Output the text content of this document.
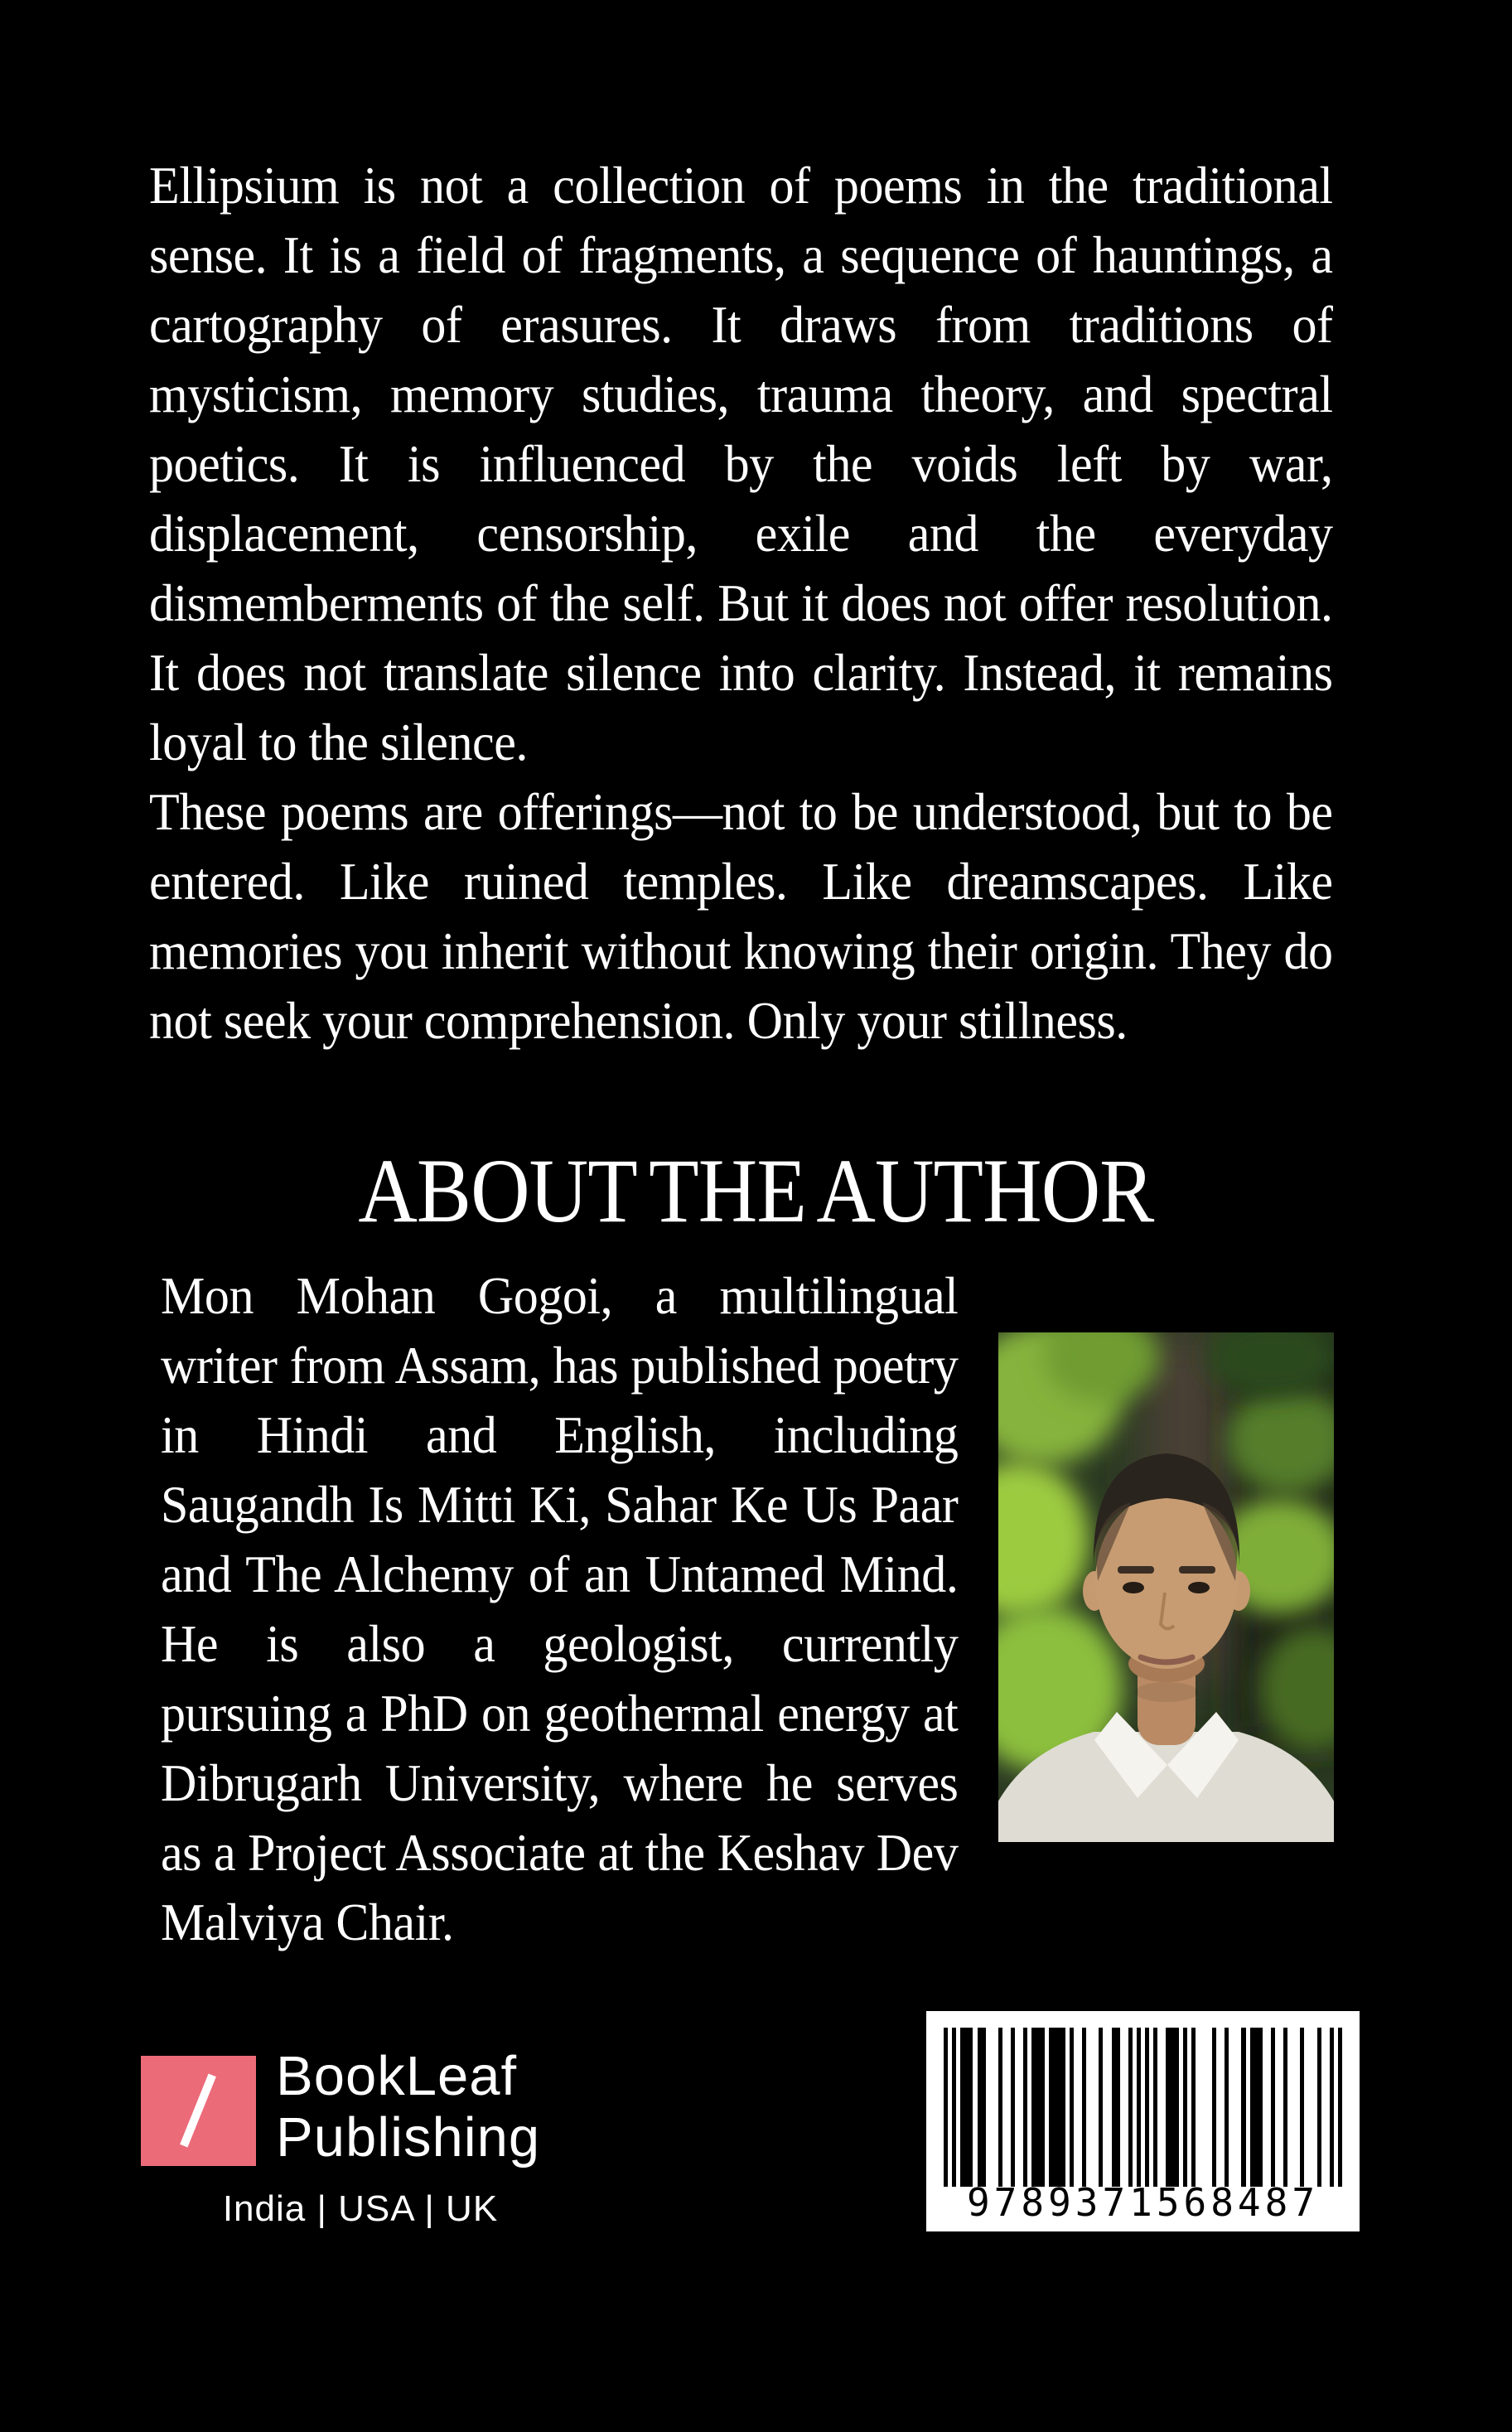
Ellipsium is not a collection of poems in the traditional sense. It is a field of fragments, a sequence of hauntings, a cartography of erasures. It draws from traditions of mysticism, memory studies, trauma theory, and spectral poetics. It is influenced by the voids left by war, displacement, censorship, exile and the everyday dismemberments of the self. But it does not offer resolution. It does not translate silence into clarity. Instead, it remains loyal to the silence.

These poems are offerings—not to be understood, but to be entered. Like ruined temples. Like dreamscapes. Like memories you inherit without knowing their origin. They do not seek your comprehension. Only your stillness.

ABOUT THE AUTHOR

Mon Mohan Gogoi, a multilingual writer from Assam, has published poetry in Hindi and English, including Saugandh Is Mitti Ki, Sahar Ke Us Paar and The Alchemy of an Untamed Mind. He is also a geologist, currently pursuing a PhD on geothermal energy at Dibrugarh University, where he serves as a Project Associate at the Keshav Dev Malviya Chair.

BookLeaf
Publishing
India | USA | UK	9789371568487
